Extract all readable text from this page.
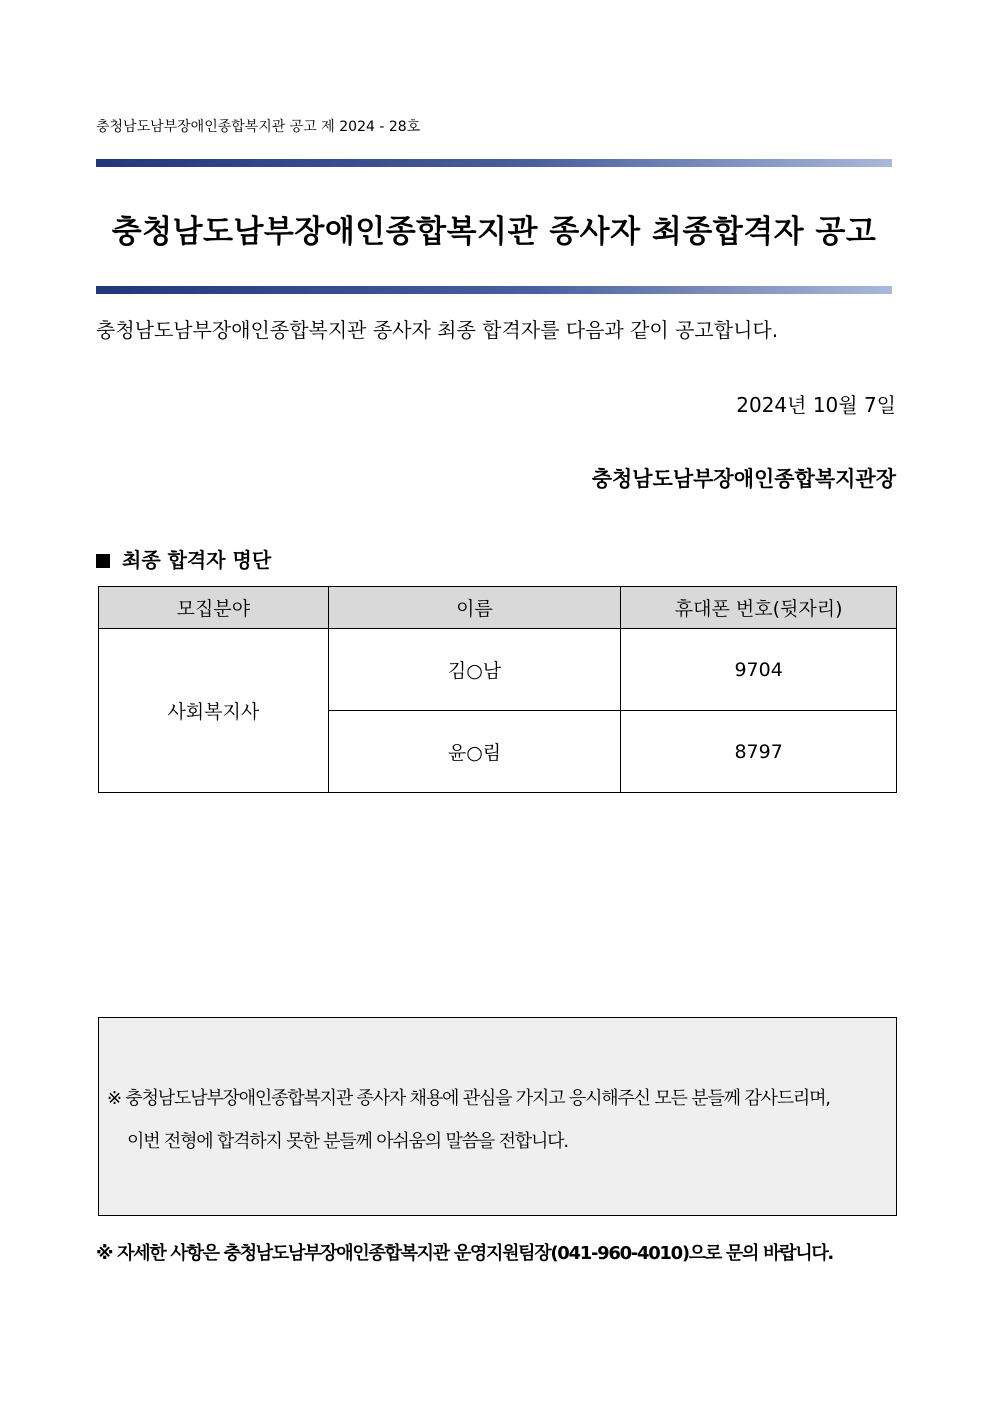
충청남도남부장애인종합복지관 공고 제 2024 - 28호
충청남도남부장애인종합복지관 종사자 최종합격자 공고
충청남도남부장애인종합복지관 종사자 최종 합격자를 다음과 같이 공고합니다.
2024년 10월 7일
충청남도남부장애인종합복지관장
최종 합격자 명단
모집분야	이름	휴대폰 번호(뒷자리)
사회복지사	김○남	9704
	윤○림	8797
※ 충청남도남부장애인종합복지관 종사자 채용에 관심을 가지고 응시해주신 모든 분들께 감사드리며,
이번 전형에 합격하지 못한 분들께 아쉬움의 말씀을 전합니다.
※ 자세한 사항은 충청남도남부장애인종합복지관 운영지원팀장(041-960-4010)으로 문의 바랍니다.
